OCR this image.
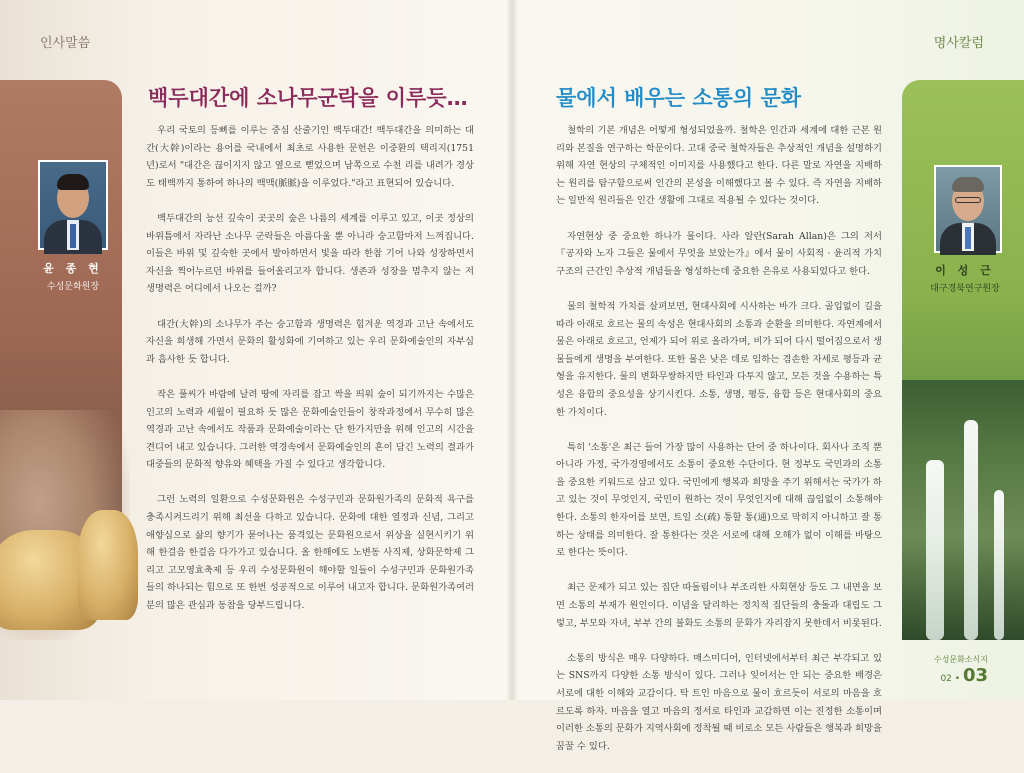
인사말씀
윤 종 현
수성문화원장
백두대간에 소나무군락을 이루듯…

우리 국토의 등뼈를 이루는 중심 산줄기인 백두대간! 백두대간을 의미하는 대간(大幹)이라는 용어를 국내에서 최초로 사용한 문헌은 이중환의 택리지(1751년)로서 "대간은 끊이지지 않고 옆으로 뻗었으며 남쪽으로 수천 리를 내려가 경상도 태백까지 통하여 하나의 백맥(脈脈)을 이루었다."라고 표현되어 있습니다.

백두대간의 능선 깊숙이 곳곳의 숲은 나름의 세계를 이루고 있고, 이곳 정상의 바위틈에서 자라난 소나무 군락들은 아름다울 뿐 아니라 숭고함마저 느껴집니다. 이들은 바위 및 깊숙한 곳에서 발아하면서 빛을 따라 한참 기어 나와 성장하면서 자신을 찍어누르던 바위를 들어올리고자 합니다. 생존과 성장을 멈추지 않는 저 생명력은 어디에서 나오는 걸까?

대간(大幹)의 소나무가 주는 숭고함과 생명력은 힘겨운 역경과 고난 속에서도 자신을 희생해 가면서 문화의 활성화에 기여하고 있는 우리 문화예술인의 자부심과 흡사한 듯 합니다.

작은 풀씨가 바람에 날려 땅에 자리를 잡고 싹을 띄워 숲이 되기까지는 수많은 인고의 노력과 세월이 필요하 듯 많은 문화예술인들이 창작과정에서 무수히 많은 역경과 고난 속에서도 작품과 문화예술이라는 단 한가지만을 위해 인고의 시간을 견디어 내고 있습니다. 그러한 역경속에서 문화예술인의 혼이 담긴 노력의 결과가 대중들의 문화적 향유와 혜택을 가질 수 있다고 생각합니다.

그런 노력의 일환으로 수성문화원은 수성구민과 문화원가족의 문화적 욕구를 충족시켜드리기 위해 최선을 다하고 있습니다. 문화에 대한 열정과 신념, 그리고 애향심으로 삶의 향기가 묻어나는 품격있는 문화원으로서 위상을 실현시키기 위해 한걸음 한걸음 다가가고 있습니다. 올 한해에도 노변동 사직제, 상화문학제 그리고 고모영효축제 등 우리 수성문화원이 해야할 일들이 수성구민과 문화원가족들의 하나되는 힘으로 또 한번 성공적으로 이루어 내고자 합니다. 문화원가족여러분의 많은 관심과 동참을 당부드립니다.

명사칼럼
이 성 근
대구경북연구원장
물에서 배우는 소통의 문화

철학의 기본 개념은 어떻게 형성되었을까. 철학은 인간과 세계에 대한 근본 원리와 본질을 연구하는 학문이다. 고대 중국 철학자들은 추상적인 개념을 설명하기 위해 자연 현상의 구체적인 이미지를 사용했다고 한다. 다른 말로 자연을 지배하는 원리를 탐구함으로써 인간의 본성을 이해했다고 볼 수 있다. 즉 자연을 지배하는 일반적 원리들은 인간 생활에 그대로 적용될 수 있다는 것이다.

자연현상 중 중요한 하나가 물이다. 사라 알란(Sarah Allan)은 그의 저서 『공자와 노자 그들은 물에서 무엇을 보았는가』에서 물이 사회적 · 윤리적 가치 구조의 근간인 추상적 개념들을 형성하는데 중요한 은유로 사용되었다고 한다.

물의 철학적 가치를 살펴보면, 현대사회에 시사하는 바가 크다. 골입없이 길을 따라 아래로 흐르는 물의 속성은 현대사회의 소통과 순환을 의미한다. 자연계에서 물은 아래로 흐르고, 언제가 되어 위로 올라가며, 비가 되어 다시 떨어짐으로서 생물들에게 생명을 부여한다. 또한 물은 낮은 데로 임하는 겸손한 자세로 평등과 균형을 유지한다. 물의 변화무쌍하지만 타인과 다투지 않고, 모든 것을 수용하는 특성은 융합의 중요성을 상기시킨다. 소통, 생명, 평등, 융합 등은 현대사회의 중요한 가치이다.

특히 '소통'은 최근 들어 가장 많이 사용하는 단어 중 하나이다. 회사나 조직 뿐 아니라 가정, 국가경영에서도 소통이 중요한 수단이다. 현 정부도 국민과의 소통을 중요한 키워드로 삼고 있다. 국민에게 행복과 희망을 주기 위해서는 국가가 하고 있는 것이 무엇인지, 국민이 원하는 것이 무엇인지에 대해 끊임없이 소통해야 한다. 소통의 한자어를 보면, 트일 소(疏) 통할 통(通)으로 막히지 아니하고 잘 통하는 상태를 의미한다. 잘 통한다는 것은 서로에 대해 오해가 없이 이해를 바탕으로 한다는 뜻이다.

최근 문제가 되고 있는 집단 따돌림이나 부조리한 사회현상 등도 그 내면을 보면 소통의 부재가 원인이다. 이념을 달리하는 정치적 집단들의 충돌과 대립도 그렇고, 부모와 자녀, 부부 간의 불화도 소통의 문화가 자리잡지 못한데서 비롯된다.

소통의 방식은 매우 다양하다. 매스미디어, 인터넷에서부터 최근 부각되고 있는 SNS까지 다양한 소통 방식이 있다. 그러나 잊어서는 안 되는 중요한 배경은 서로에 대한 이해와 교감이다. 탁 트인 마음으로 물이 흐르듯이 서로의 마음을 흐르도록 하자. 마음을 열고 마음의 정서로 타인과 교감하면 이는 진정한 소통이며 이러한 소통의 문화가 지역사회에 정착될 때 비로소 모든 사람들은 행복과 희망을 꿈꿀 수 있다.

수성문화소식지
02 • 03
